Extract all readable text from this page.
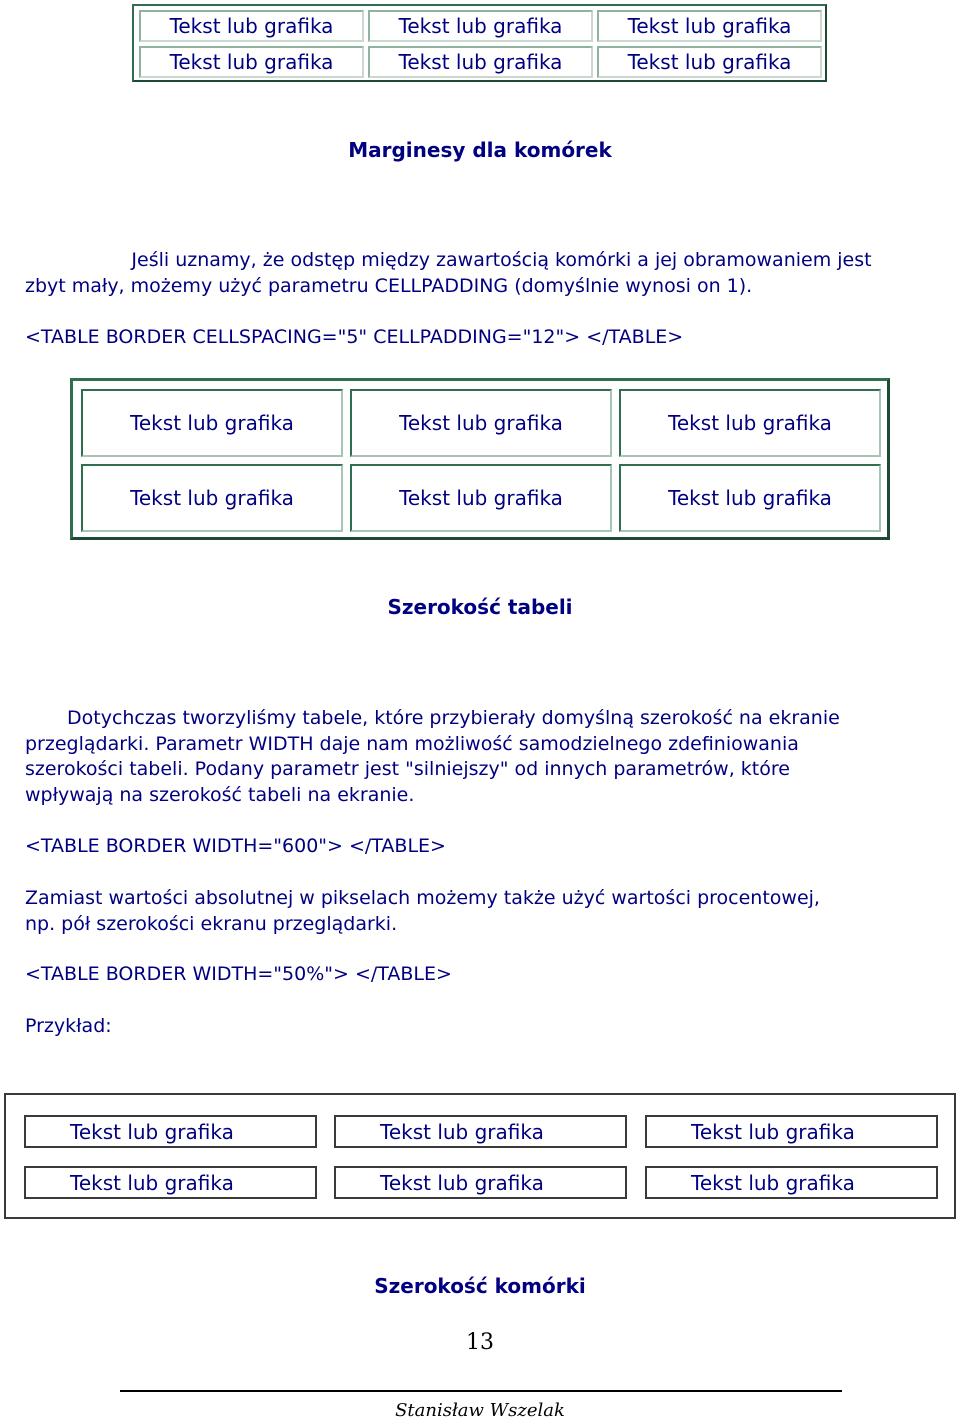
Tekst lub grafika	Tekst lub grafika	Tekst lub grafika
Tekst lub grafika	Tekst lub grafika	Tekst lub grafika
Marginesy dla komórek
Jeśli uznamy, że odstęp między zawartością komórki a jej obramowaniem jest
zbyt mały, możemy użyć parametru CELLPADDING (domyślnie wynosi on 1).
<TABLE BORDER CELLSPACING="5" CELLPADDING="12"> </TABLE>
Tekst lub grafika	Tekst lub grafika	Tekst lub grafika
Tekst lub grafika	Tekst lub grafika	Tekst lub grafika
Szerokość tabeli
Dotychczas tworzyliśmy tabele, które przybierały domyślną szerokość na ekranie
przeglądarki. Parametr WIDTH daje nam możliwość samodzielnego zdefiniowania
szerokości tabeli. Podany parametr jest "silniejszy" od innych parametrów, które
wpływają na szerokość tabeli na ekranie.
<TABLE BORDER WIDTH="600"> </TABLE>
Zamiast wartości absolutnej w pikselach możemy także użyć wartości procentowej,
np. pół szerokości ekranu przeglądarki.
<TABLE BORDER WIDTH="50%"> </TABLE>
Przykład:
Tekst lub grafika	Tekst lub grafika	Tekst lub grafika
Tekst lub grafika	Tekst lub grafika	Tekst lub grafika
Szerokość komórki
13
Stanisław Wszelak
